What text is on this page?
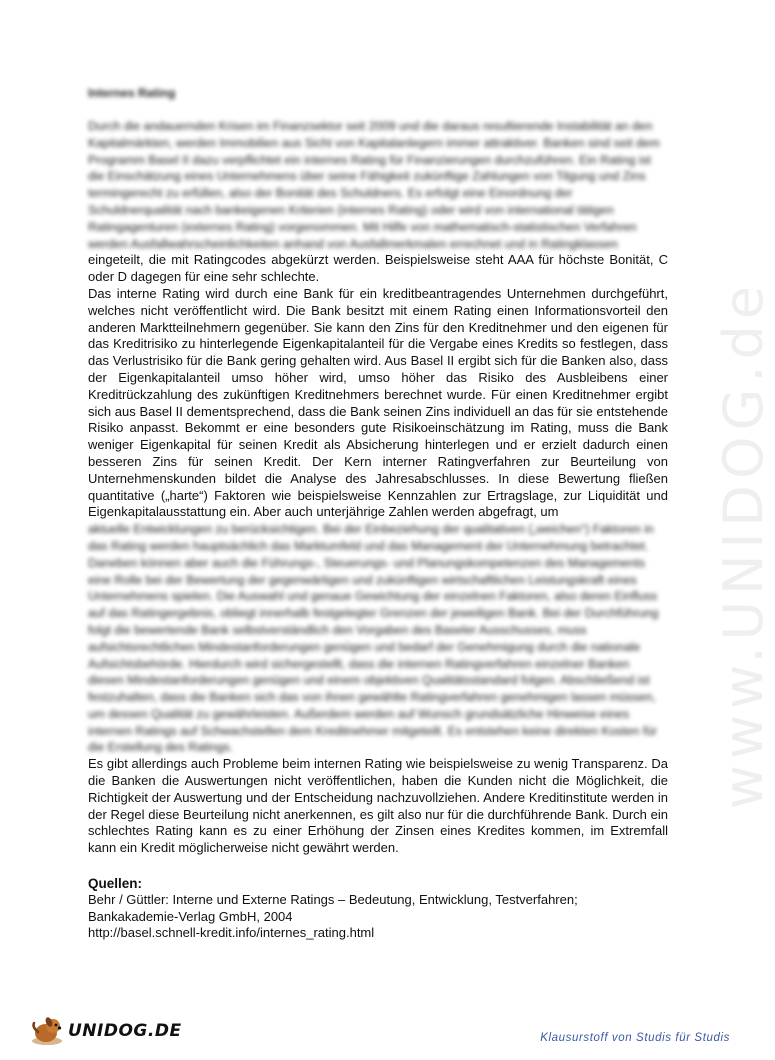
www.UNIDOG.de

Internes Rating

Durch die andauernden Krisen im Finanzsektor seit 2009 und die daraus resultierende Instabilität an den Kapitalmärkten, werden Immobilien aus Sicht von Kapitalanlegern immer attraktiver. Banken sind seit dem Programm Basel II dazu verpflichtet ein internes Rating für Finanzierungen durchzuführen. Ein Rating ist die Einschätzung eines Unternehmens über seine Fähigkeit zukünftige Zahlungen von Tilgung und Zins termingerecht zu erfüllen, also der Bonität des Schuldners. Es erfolgt eine Einordnung der Schuldnerqualität nach bankeigenen Kriterien (internes Rating) oder wird von international tätigen Ratingagenturen (externes Rating) vorgenommen. Mit Hilfe von mathematisch-statistischen Verfahren werden Ausfallwahrscheinlichkeiten anhand von Ausfallmerkmalen errechnet und in Ratingklassen

eingeteilt, die mit Ratingcodes abgekürzt werden. Beispielsweise steht AAA für höchste Bonität, C oder D dagegen für eine sehr schlechte.

Das interne Rating wird durch eine Bank für ein kreditbeantragendes Unternehmen durchgeführt, welches nicht veröffentlicht wird. Die Bank besitzt mit einem Rating einen Informationsvorteil den anderen Marktteilnehmern gegenüber. Sie kann den Zins für den Kreditnehmer und den eigenen für das Kreditrisiko zu hinterlegende Eigenkapitalanteil für die Vergabe eines Kredits so festlegen, dass das Verlustrisiko für die Bank gering gehalten wird. Aus Basel II ergibt sich für die Banken also, dass der Eigenkapitalanteil umso höher wird, umso höher das Risiko des Ausbleibens einer Kreditrückzahlung des zukünftigen Kreditnehmers berechnet wurde. Für einen Kreditnehmer ergibt sich aus Basel II dementsprechend, dass die Bank seinen Zins individuell an das für sie entstehende Risiko anpasst. Bekommt er eine besonders gute Risikoeinschätzung im Rating, muss die Bank weniger Eigenkapital für seinen Kredit als Absicherung hinterlegen und er erzielt dadurch einen besseren Zins für seinen Kredit. Der Kern interner Ratingverfahren zur Beurteilung von Unternehmenskunden bildet die Analyse des Jahresabschlusses. In diese Bewertung fließen quantitative („harte“) Faktoren wie beispielsweise Kennzahlen zur Ertragslage, zur Liquidität und Eigenkapitalausstattung ein. Aber auch unterjährige Zahlen werden abgefragt, um

aktuelle Entwicklungen zu berücksichtigen. Bei der Einbeziehung der qualitativen („weichen“) Faktoren in das Rating werden hauptsächlich das Marktumfeld und das Management der Unternehmung betrachtet. Daneben können aber auch die Führungs-, Steuerungs- und Planungskompetenzen des Managements eine Rolle bei der Bewertung der gegenwärtigen und zukünftigen wirtschaftlichen Leistungskraft eines Unternehmens spielen. Die Auswahl und genaue Gewichtung der einzelnen Faktoren, also deren Einfluss auf das Ratingergebnis, obliegt innerhalb festgelegter Grenzen der jeweiligen Bank. Bei der Durchführung folgt die bewertende Bank selbstverständlich den Vorgaben des Baseler Ausschusses, muss aufsichtsrechtlichen Mindestanforderungen genügen und bedarf der Genehmigung durch die nationale Aufsichtsbehörde. Hierdurch wird sichergestellt, dass die internen Ratingverfahren einzelner Banken diesen Mindestanforderungen genügen und einem objektiven Qualitätsstandard folgen. Abschließend ist festzuhalten, dass die Banken sich das von ihnen gewählte Ratingverfahren genehmigen lassen müssen, um dessen Qualität zu gewährleisten. Außerdem werden auf Wunsch grundsätzliche Hinweise eines internen Ratings auf Schwachstellen dem Kreditnehmer mitgeteilt. Es entstehen keine direkten Kosten für die Erstellung des Ratings.

Es gibt allerdings auch Probleme beim internen Rating wie beispielsweise zu wenig Transparenz. Da die Banken die Auswertungen nicht veröffentlichen, haben die Kunden nicht die Möglichkeit, die Richtigkeit der Auswertung und der Entscheidung nachzuvollziehen. Andere Kreditinstitute werden in der Regel diese Beurteilung nicht anerkennen, es gilt also nur für die durchführende Bank. Durch ein schlechtes Rating kann es zu einer Erhöhung der Zinsen eines Kredites kommen, im Extremfall kann ein Kredit möglicherweise nicht gewährt werden.

Quellen:

Behr / Güttler: Interne und Externe Ratings – Bedeutung, Entwicklung, Testverfahren;

Bankakademie-Verlag GmbH, 2004

http://basel.schnell-kredit.info/internes_rating.html

UNIDOG.DE	Klausurstoff von Studis für Studis
